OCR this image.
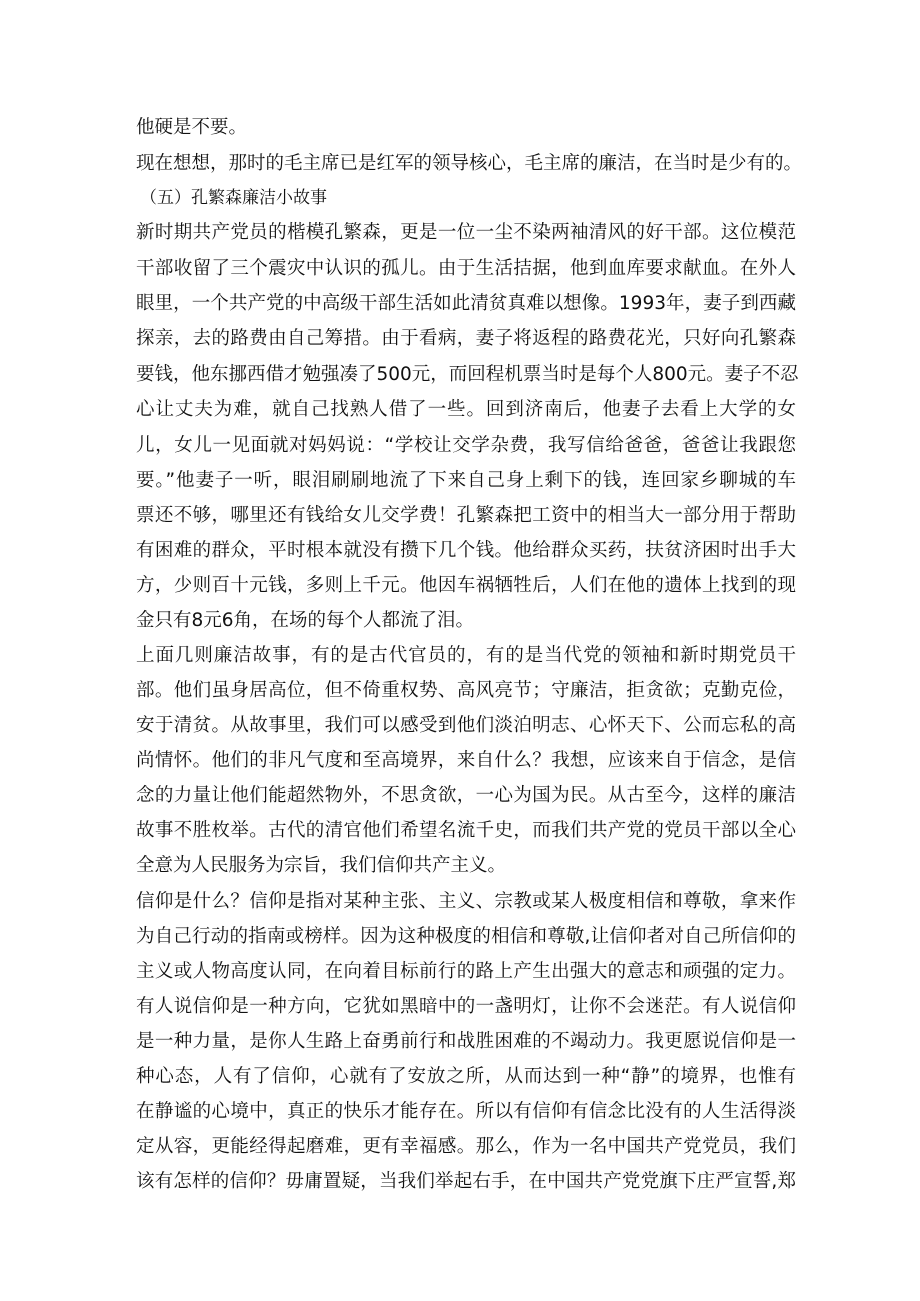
他硬是不要。
现在想想，那时的毛主席已是红军的领导核心，毛主席的廉洁，在当时是少有的。
（五）孔繁森廉洁小故事
新时期共产党员的楷模孔繁森，更是一位一尘不染两袖清风的好干部。这位模范
干部收留了三个震灾中认识的孤儿。由于生活拮据，他到血库要求献血。在外人
眼里，一个共产党的中高级干部生活如此清贫真难以想像。1993年，妻子到西藏
探亲，去的路费由自己筹措。由于看病，妻子将返程的路费花光，只好向孔繁森
要钱，他东挪西借才勉强凑了500元，而回程机票当时是每个人800元。妻子不忍
心让丈夫为难，就自己找熟人借了一些。回到济南后，他妻子去看上大学的女
儿，女儿一见面就对妈妈说：“学校让交学杂费，我写信给爸爸，爸爸让我跟您
要。”他妻子一听，眼泪刷刷地流了下来自己身上剩下的钱，连回家乡聊城的车
票还不够，哪里还有钱给女儿交学费！孔繁森把工资中的相当大一部分用于帮助
有困难的群众，平时根本就没有攒下几个钱。他给群众买药，扶贫济困时出手大
方，少则百十元钱，多则上千元。他因车祸牺牲后，人们在他的遗体上找到的现
金只有8元6角，在场的每个人都流了泪。
上面几则廉洁故事，有的是古代官员的，有的是当代党的领袖和新时期党员干
部。他们虽身居高位，但不倚重权势、高风亮节；守廉洁，拒贪欲；克勤克俭，
安于清贫。从故事里，我们可以感受到他们淡泊明志、心怀天下、公而忘私的高
尚情怀。他们的非凡气度和至高境界，来自什么？我想，应该来自于信念，是信
念的力量让他们能超然物外，不思贪欲，一心为国为民。从古至今，这样的廉洁
故事不胜枚举。古代的清官他们希望名流千史，而我们共产党的党员干部以全心
全意为人民服务为宗旨，我们信仰共产主义。
信仰是什么？信仰是指对某种主张、主义、宗教或某人极度相信和尊敬，拿来作
为自己行动的指南或榜样。因为这种极度的相信和尊敬,让信仰者对自己所信仰的
主义或人物高度认同，在向着目标前行的路上产生出强大的意志和顽强的定力。
有人说信仰是一种方向，它犹如黑暗中的一盏明灯，让你不会迷茫。有人说信仰
是一种力量，是你人生路上奋勇前行和战胜困难的不竭动力。我更愿说信仰是一
种心态，人有了信仰，心就有了安放之所，从而达到一种“静”的境界，也惟有
在静谧的心境中，真正的快乐才能存在。所以有信仰有信念比没有的人生活得淡
定从容，更能经得起磨难，更有幸福感。那么，作为一名中国共产党党员，我们
该有怎样的信仰？毋庸置疑，当我们举起右手，在中国共产党党旗下庄严宣誓,郑
